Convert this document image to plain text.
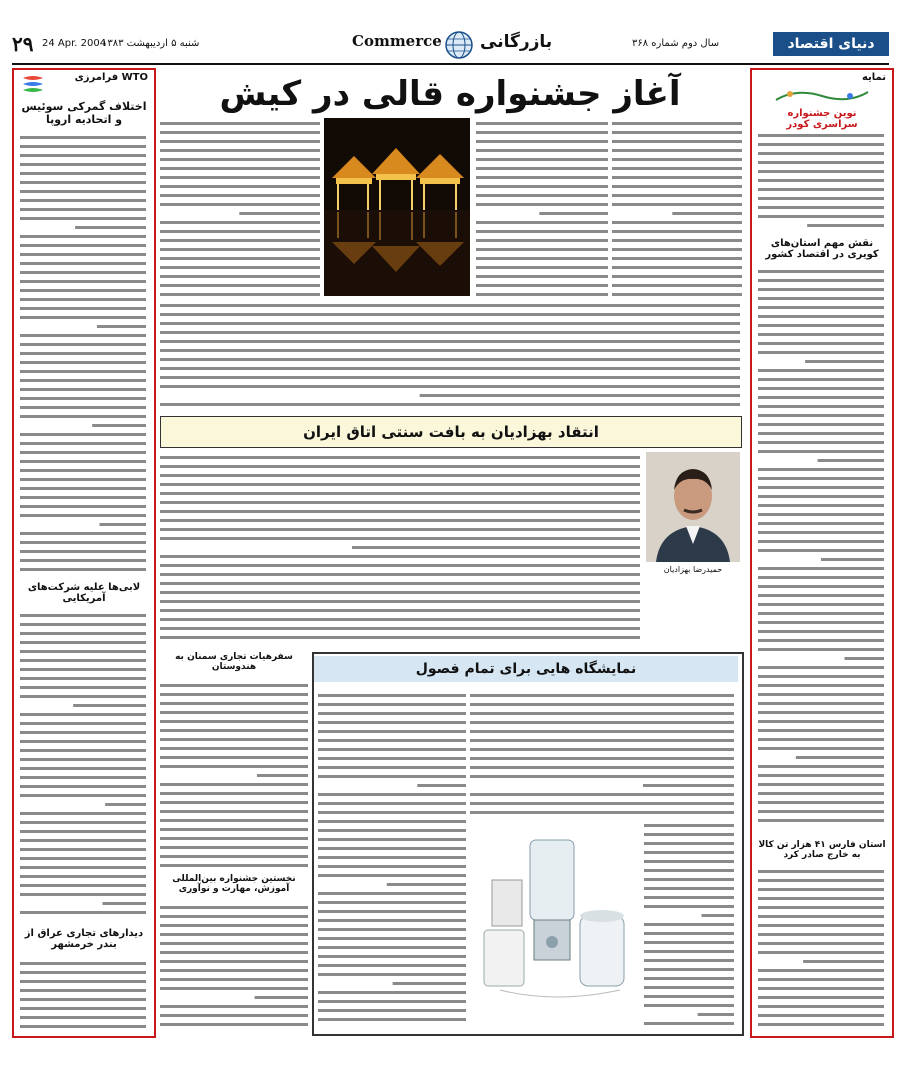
۲۹ 24 Apr. 2004
شنبه ۵ اردیبهشت ۱۳۸۳	Commerce بازرگانی	سال دوم شماره ۳۶۸	دنیای اقتصاد
فرامرزی WTO
اختلاف گمرکی سوئیس و اتحادیه اروپا
لابی‌ها علیه شرکت‌های آمریکایی
دیدارهای تجاری عراق از بندر خرمشهر
نمایه
نوین جشنواره سراسری کودر
نقش مهم استان‌های کویری در اقتصاد کشور
استان فارس ۴۱ هزار تن کالا به خارج صادر کرد
آغاز جشنواره قالی در کیش
انتقاد بهزادیان به بافت سنتی اتاق ایران
حمیدرضا بهزادیان
سفرهیات تجاری سمنان به هندوستان
نخستین جشنواره بین‌المللی آموزش، مهارت و نوآوری
نمایشگاه هایی برای تمام فصول
